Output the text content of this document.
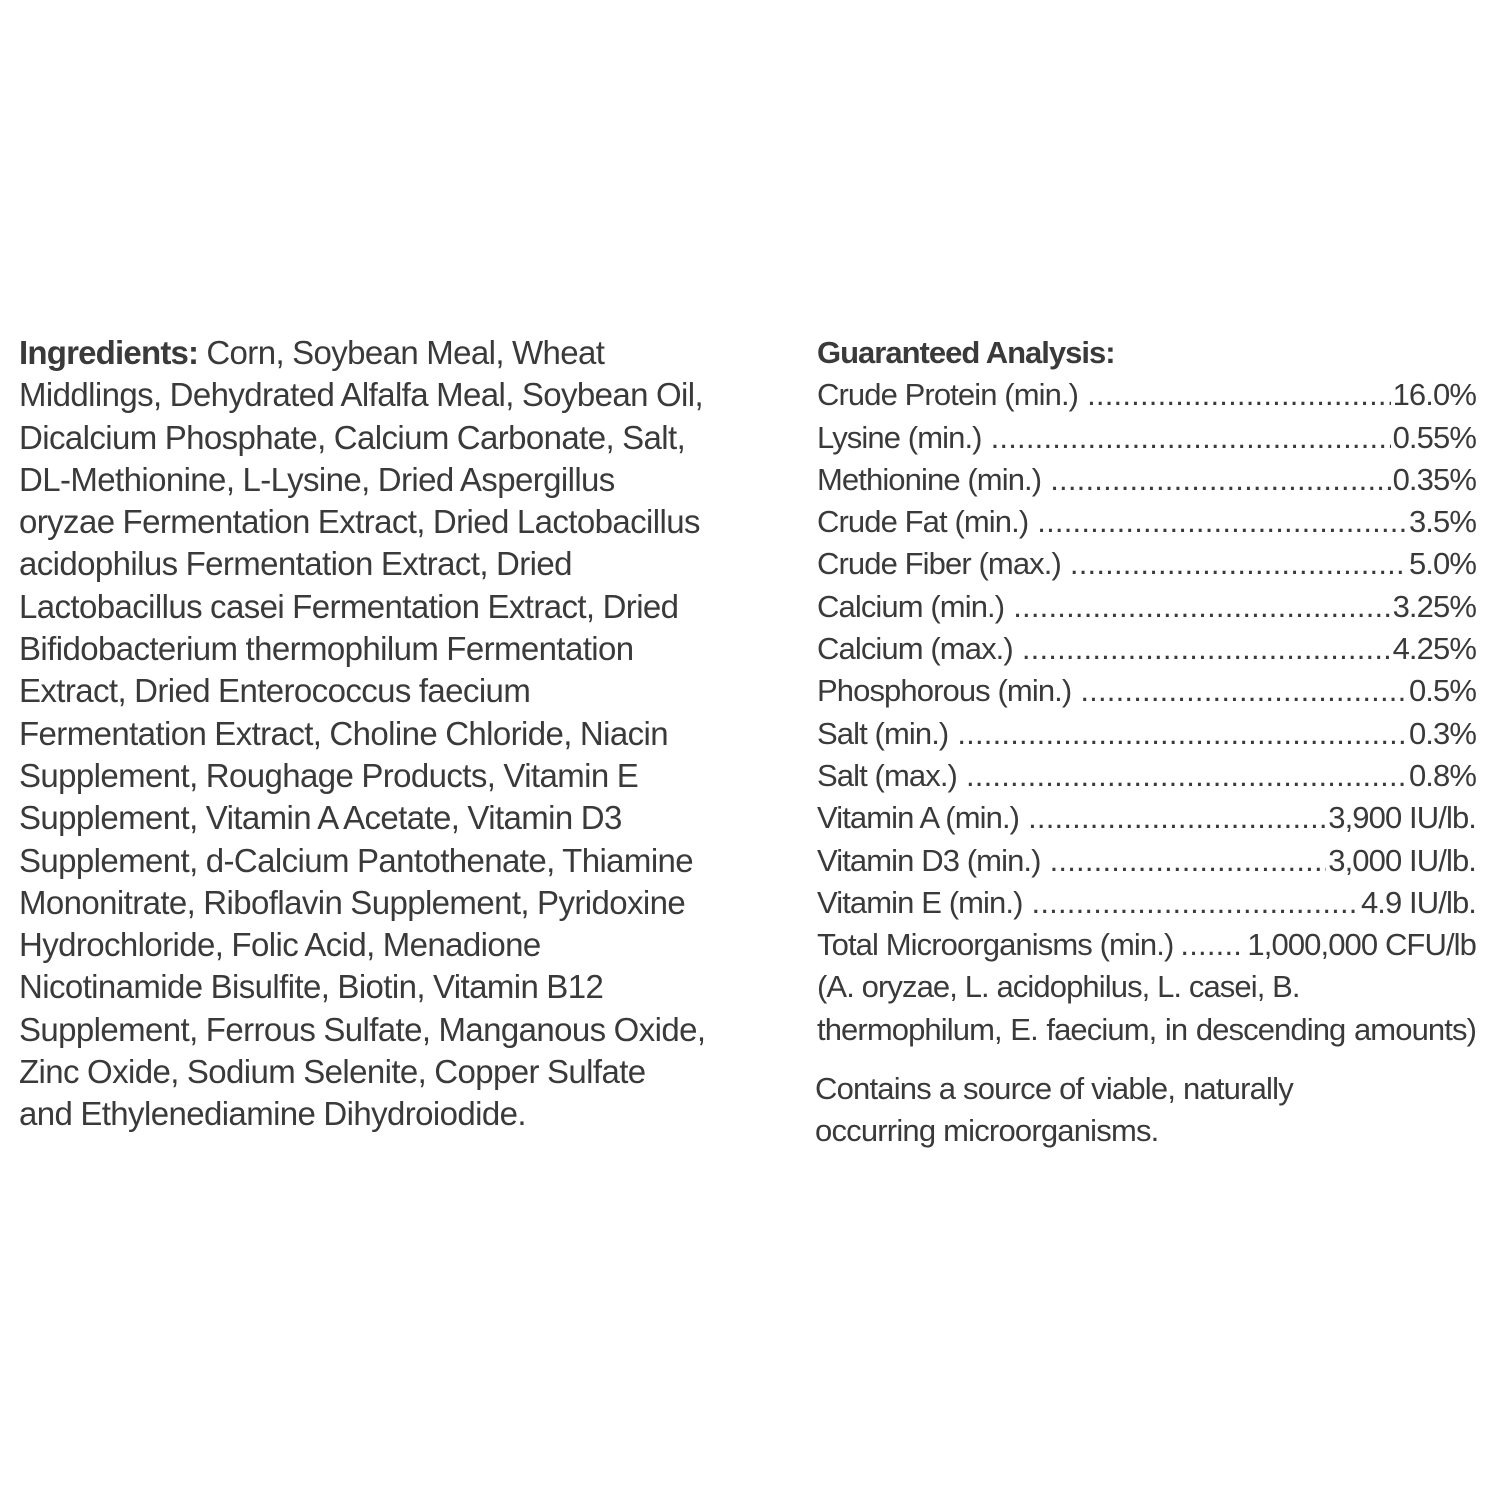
Ingredients: Corn, Soybean Meal, Wheat
Middlings, Dehydrated Alfalfa Meal, Soybean Oil,
Dicalcium Phosphate, Calcium Carbonate, Salt,
DL-Methionine, L-Lysine, Dried Aspergillus
oryzae Fermentation Extract, Dried Lactobacillus
acidophilus Fermentation Extract, Dried
Lactobacillus casei Fermentation Extract, Dried
Bifidobacterium thermophilum Fermentation
Extract, Dried Enterococcus faecium
Fermentation Extract, Choline Chloride, Niacin
Supplement, Roughage Products, Vitamin E
Supplement, Vitamin A Acetate, Vitamin D3
Supplement, d-Calcium Pantothenate, Thiamine
Mononitrate, Riboflavin Supplement, Pyridoxine
Hydrochloride, Folic Acid, Menadione
Nicotinamide Bisulfite, Biotin, Vitamin B12
Supplement, Ferrous Sulfate, Manganous Oxide,
Zinc Oxide, Sodium Selenite, Copper Sulfate
and Ethylenediamine Dihydroiodide.
Guaranteed Analysis:
Crude Protein (min.) .....	16.0%
Lysine (min.) .....	0.55%
Methionine (min.) .....	0.35%
Crude Fat (min.) .....	3.5%
Crude Fiber (max.) .....	5.0%
Calcium (min.) .....	3.25%
Calcium (max.) .....	4.25%
Phosphorous (min.) .....	0.5%
Salt (min.) .....	0.3%
Salt (max.) .....	0.8%
Vitamin A (min.) .....	3,900 IU/lb.
Vitamin D3 (min.) .....	3,000 IU/lb.
Vitamin E (min.) .....	4.9 IU/lb.
Total Microorganisms (min.) ..... 1,000,000 CFU/lb
(A. oryzae, L. acidophilus, L. casei, B.
thermophilum, E. faecium, in descending amounts)
Contains a source of viable, naturally
occurring microorganisms.
